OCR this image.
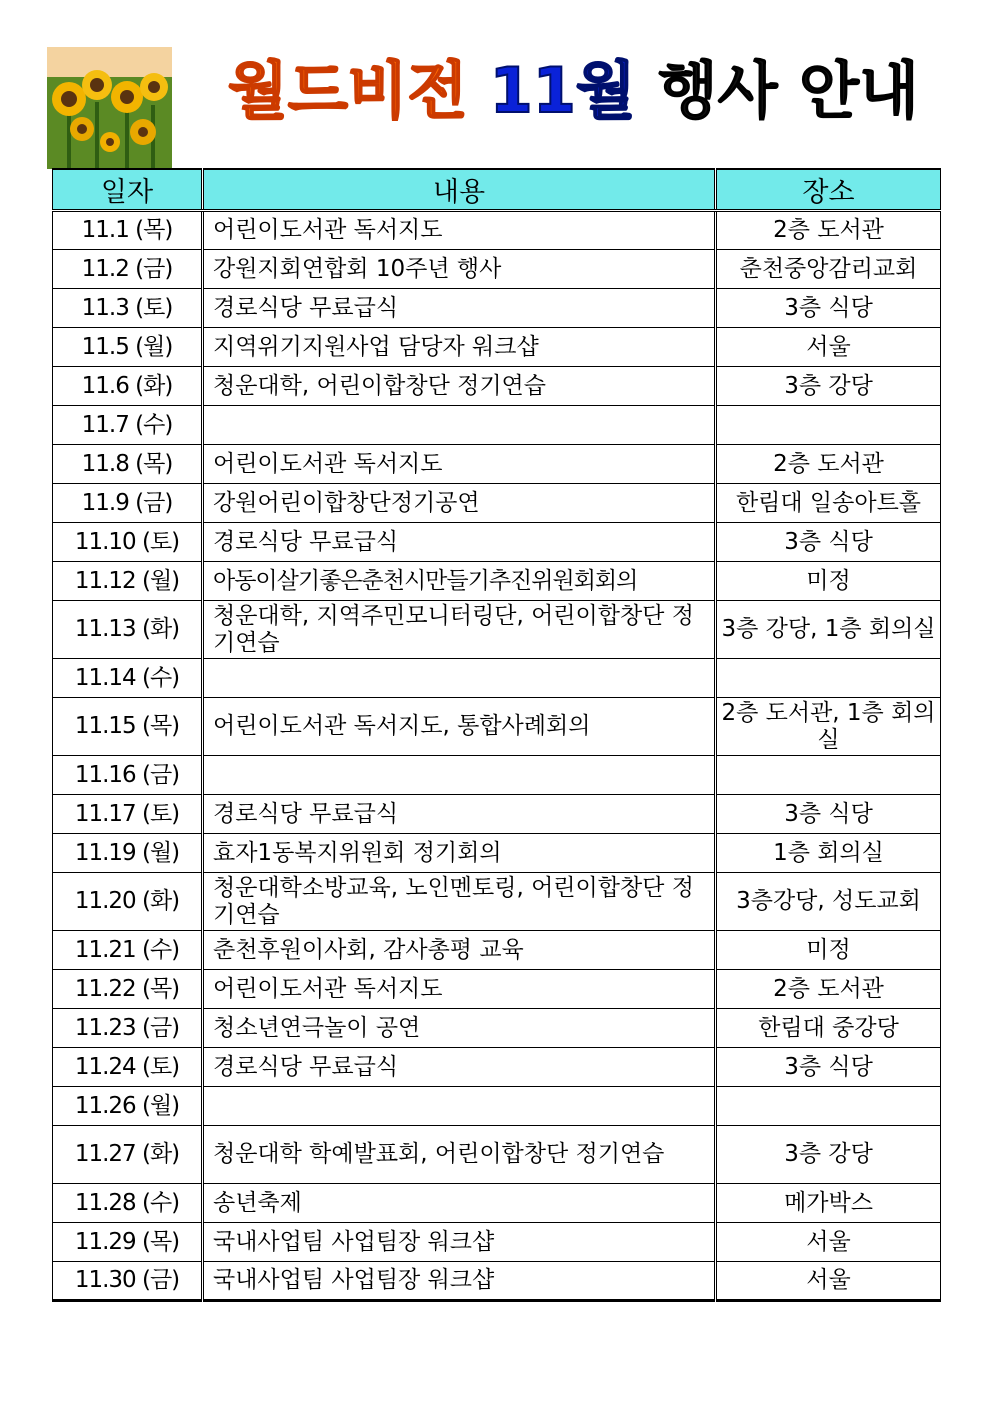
월드비전 11월 행사 안내
일자	내용	장소
11.1 (목)	어린이도서관 독서지도	2층 도서관
11.2 (금)	강원지회연합회 10주년 행사	춘천중앙감리교회
11.3 (토)	경로식당 무료급식	3층 식당
11.5 (월)	지역위기지원사업 담당자 워크샵	서울
11.6 (화)	청운대학, 어린이합창단 정기연습	3층 강당
11.7 (수)		
11.8 (목)	어린이도서관 독서지도	2층 도서관
11.9 (금)	강원어린이합창단정기공연	한림대 일송아트홀
11.10 (토)	경로식당 무료급식	3층 식당
11.12 (월)	아동이살기좋은춘천시만들기추진위원회회의	미정
11.13 (화)	청운대학, 지역주민모니터링단, 어린이합창단 정기연습	3층 강당, 1층 회의실
11.14 (수)		
11.15 (목)	어린이도서관 독서지도, 통합사례회의	2층 도서관, 1층 회의실
11.16 (금)		
11.17 (토)	경로식당 무료급식	3층 식당
11.19 (월)	효자1동복지위원회 정기회의	1층 회의실
11.20 (화)	청운대학소방교육, 노인멘토링, 어린이합창단 정기연습	3층강당, 성도교회
11.21 (수)	춘천후원이사회, 감사총평 교육	미정
11.22 (목)	어린이도서관 독서지도	2층 도서관
11.23 (금)	청소년연극놀이 공연	한림대 중강당
11.24 (토)	경로식당 무료급식	3층 식당
11.26 (월)		
11.27 (화)	청운대학 학예발표회, 어린이합창단 정기연습	3층 강당
11.28 (수)	송년축제	메가박스
11.29 (목)	국내사업팀 사업팀장 워크샵	서울
11.30 (금)	국내사업팀 사업팀장 워크샵	서울
